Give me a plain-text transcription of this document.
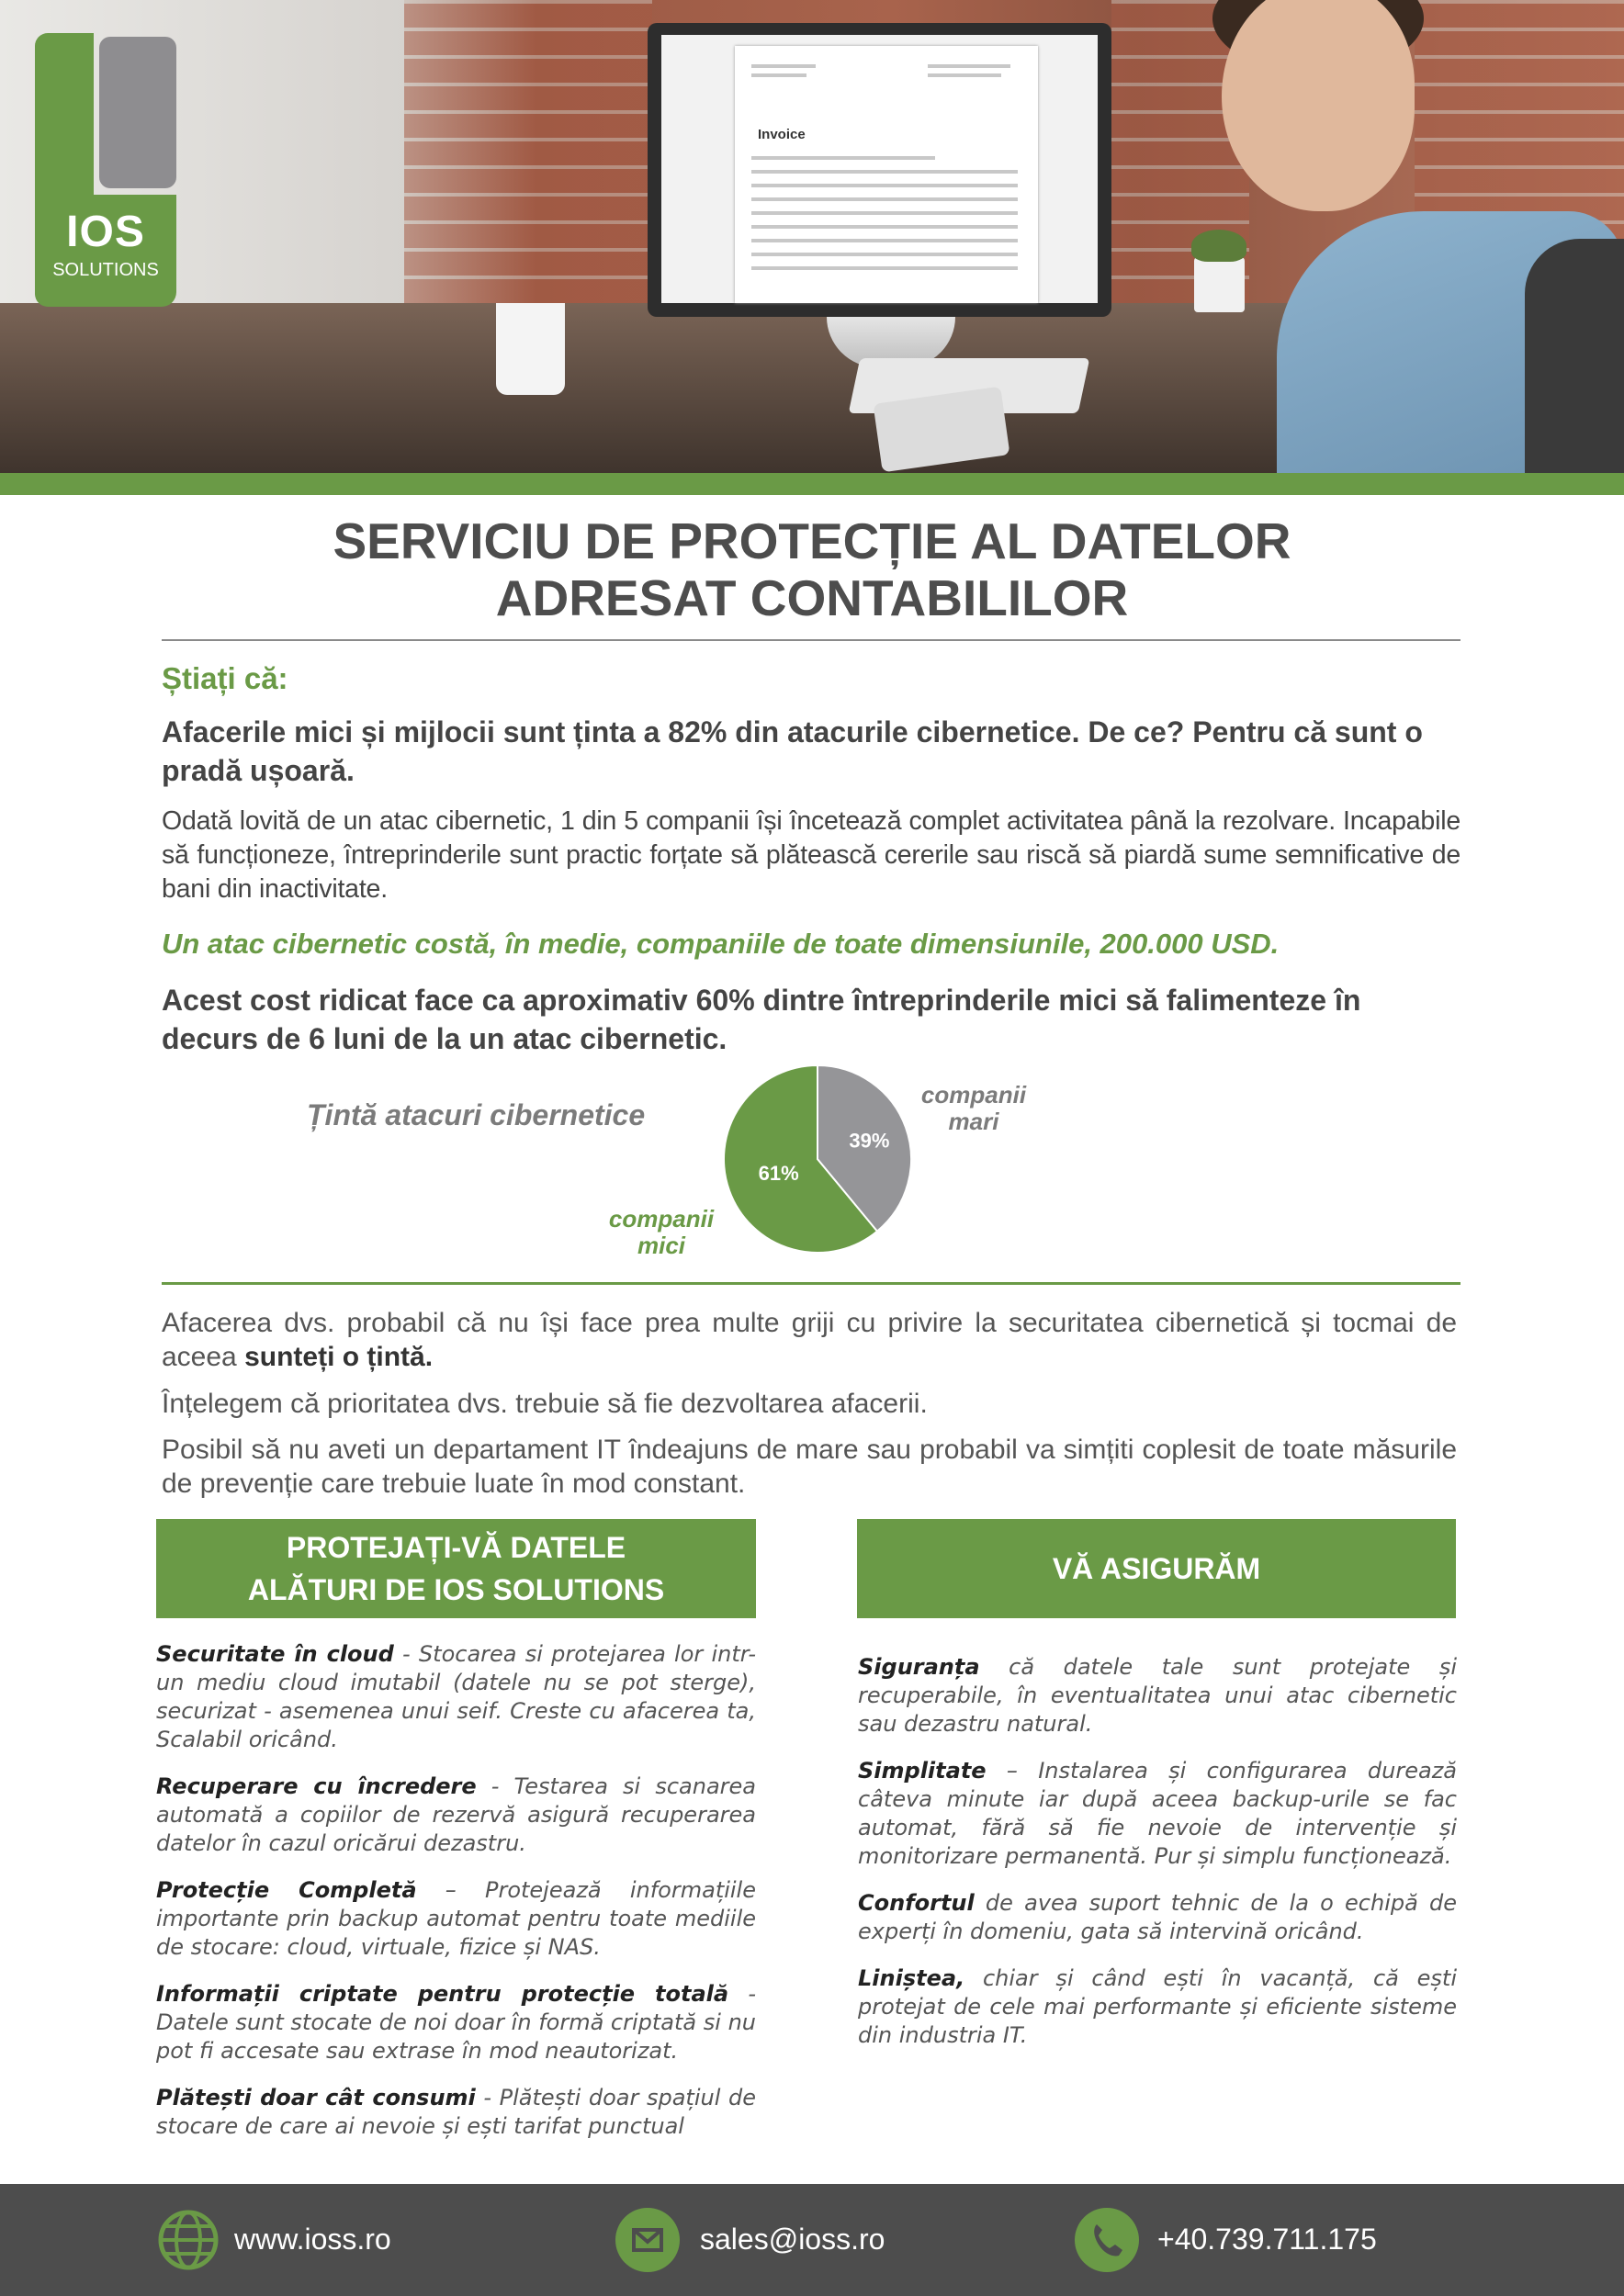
Invoice
IOS
SOLUTIONS
SERVICIU DE PROTECȚIE AL DATELOR
ADRESAT CONTABILILOR
Știați că:
Afacerile mici și mijlocii sunt ținta a 82% din atacurile cibernetice. De ce? Pentru că sunt o pradă ușoară.
Odată lovită de un atac cibernetic, 1 din 5 companii își încetează complet activitatea până la rezolvare. Incapabile să funcționeze, întreprinderile sunt practic forțate să plătească cererile sau riscă să piardă sume semnificative de bani din inactivitate.
Un atac cibernetic costă, în medie, companiile de toate dimensiunile, 200.000 USD.
Acest cost ridicat face ca aproximativ 60% dintre întreprinderile mici să falimenteze în decurs de 6 luni de la un atac cibernetic.
Țintă atacuri cibernetice
61%
39%
companii
mari
companii
mici
Afacerea dvs. probabil că nu își face prea multe griji cu privire la securitatea cibernetică și tocmai de aceea sunteți o țintă.
Înțelegem că prioritatea dvs. trebuie să fie dezvoltarea afacerii.
Posibil să nu aveti un departament IT îndeajuns de mare sau probabil va simțiti coplesit de toate măsurile de prevenție care trebuie luate în mod constant.
PROTEJAȚI-VĂ DATELE
ALĂTURI DE IOS SOLUTIONS
VĂ ASIGURĂM

Securitate în cloud - Stocarea si protejarea lor intr-un mediu cloud imutabil (datele nu se pot sterge), securizat - asemenea unui seif. Creste cu afacerea ta, Scalabil oricând.

Recuperare cu încredere - Testarea si scanarea automată a copiilor de rezervă asigură recuperarea datelor în cazul oricărui dezastru.

Protecție Completă – Protejează informațiile importante prin backup automat pentru toate mediile de stocare: cloud, virtuale, fizice și NAS.

Informații criptate pentru protecție totală - Datele sunt stocate de noi doar în formă criptată si nu pot fi accesate sau extrase în mod neautorizat.

Plătești doar cât consumi - Plătești doar spațiul de stocare de care ai nevoie și ești tarifat punctual

Siguranța că datele tale sunt protejate și recuperabile, în eventualitatea unui atac cibernetic sau dezastru natural.

Simplitate – Instalarea și configurarea durează câteva minute iar după aceea backup-urile se fac automat, fără să fie nevoie de intervenție și monitorizare permanentă. Pur și simplu funcționează.

Confortul de avea suport tehnic de la o echipă de experți în domeniu, gata să intervină oricând.

Liniștea, chiar și când ești în vacanță, că ești protejat de cele mai performante și eficiente sisteme din industria IT.

www.ioss.ro	sales@ioss.ro	+40.739.711.175
